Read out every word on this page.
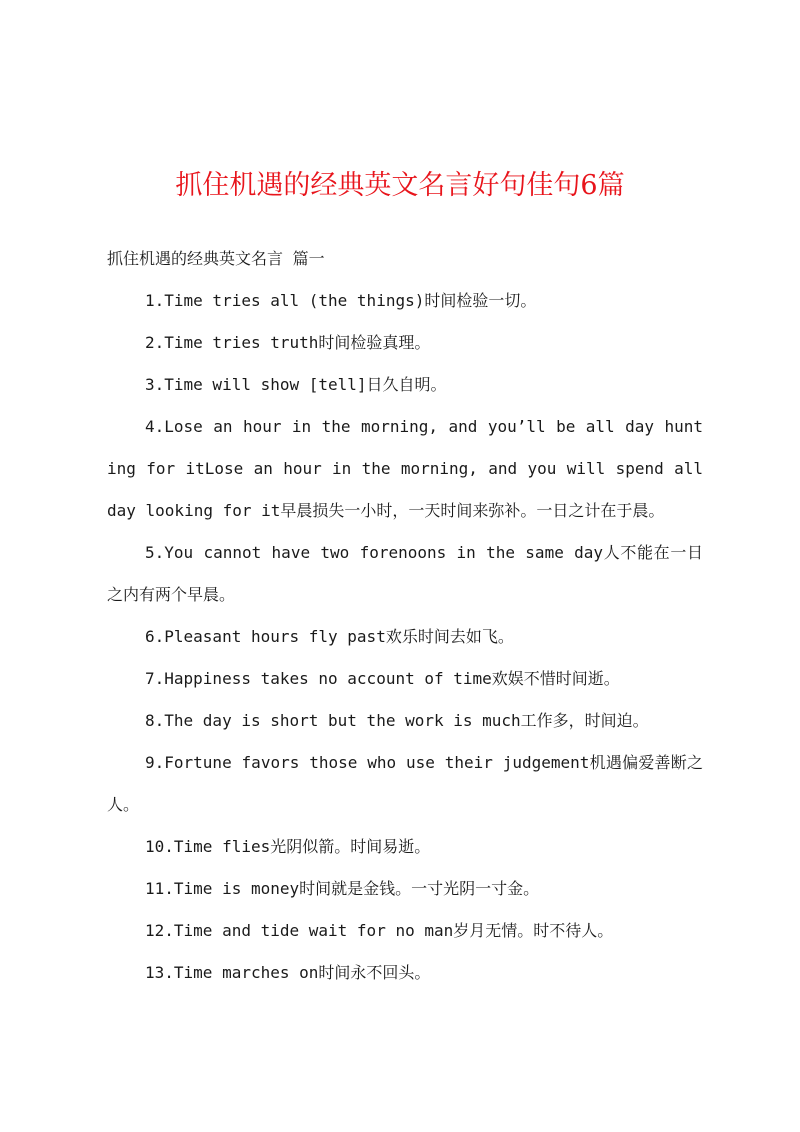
抓住机遇的经典英文名言好句佳句6篇

抓住机遇的经典英文名言 篇一

1.Time tries all (the things)时间检验一切。

2.Time tries truth时间检验真理。

3.Time will show [tell]日久自明。

4.Lose an hour in the morning, and you’ll be all day hunting for itLose an hour in the morning, and you will spend all day looking for it早晨损失一小时，一天时间来弥补。一日之计在于晨。

5.You cannot have two forenoons in the same day人不能在一日之内有两个早晨。

6.Pleasant hours fly past欢乐时间去如飞。

7.Happiness takes no account of time欢娱不惜时间逝。

8.The day is short but the work is much工作多，时间迫。

9.Fortune favors those who use their judgement机遇偏爱善断之人。

10.Time flies光阴似箭。时间易逝。

11.Time is money时间就是金钱。一寸光阴一寸金。

12.Time and tide wait for no man岁月无情。时不待人。

13.Time marches on时间永不回头。
